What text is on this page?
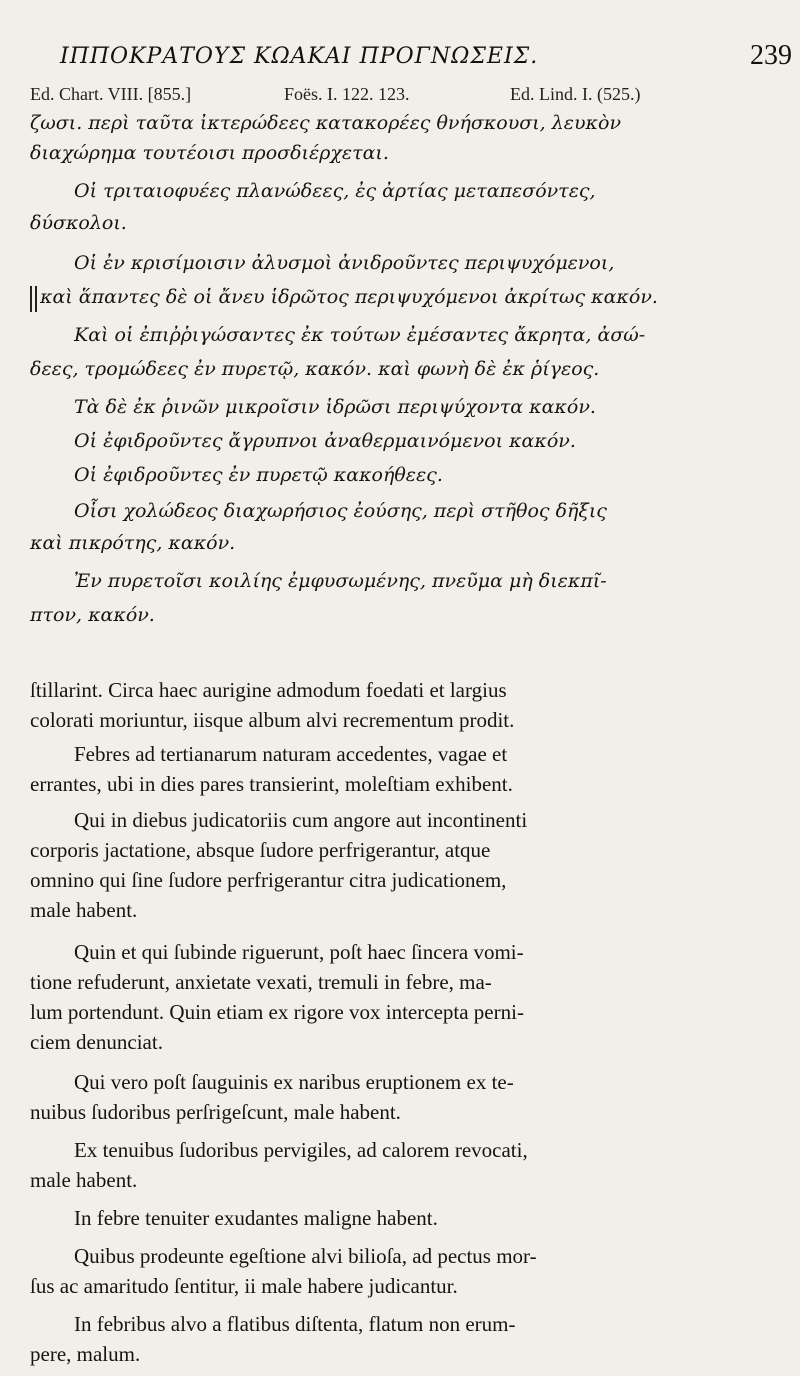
ΙΠΠΟΚΡΑΤΟΥΣ ΚΩΑΚΑΙ ΠΡΟΓΝΩΣΕΙΣ.	239
Ed. Chart. VIII. [855.]	Foës. I. 122. 123.	Ed. Lind. I. (525.)
ζωσι. περὶ ταῦτα ἰκτερώδεες κατακορέες θνήσκουσι, λευκὸν
διαχώρημα τουτέοισι προσδιέρχεται.
Οἱ τριταιοφυέες πλανώδεες, ἐς ἀρτίας μεταπεσόντες,
δύσκολοι.
Οἱ ἐν κρισίμοισιν ἀλυσμοὶ ἀνιδροῦντες περιψυχόμενοι,
καὶ ἅπαντες δὲ οἱ ἄνευ ἱδρῶτος περιψυχόμενοι ἀκρίτως κακόν.
Καὶ οἱ ἐπιῤῥιγώσαντες ἐκ τούτων ἐμέσαντες ἄκρητα, ἀσώ-
δεες, τρομώδεες ἐν πυρετῷ, κακόν. καὶ φωνὴ δὲ ἐκ ῥίγεος.
Τὰ δὲ ἐκ ῥινῶν μικροῖσιν ἱδρῶσι περιψύχοντα κακόν.
Οἱ ἐφιδροῦντες ἄγρυπνοι ἀναθερμαινόμενοι κακόν.
Οἱ ἐφιδροῦντες ἐν πυρετῷ κακοήθεες.
Οἷσι χολώδεος διαχωρήσιος ἐούσης, περὶ στῆθος δῆξις
καὶ πικρότης, κακόν.
Ἐν πυρετοῖσι κοιλίης ἐμφυσωμένης, πνεῦμα μὴ διεκπῖ-
πτον, κακόν.
ſtillarint. Circa haec aurigine admodum foedati et largius
colorati moriuntur, iisque album alvi recrementum prodit.
Febres ad tertianarum naturam accedentes, vagae et
errantes, ubi in dies pares transierint, moleſtiam exhibent.
Qui in diebus judicatoriis cum angore aut incontinenti
corporis jactatione, absque ſudore perfrigerantur, atque
omnino qui ſine ſudore perfrigerantur citra judicationem,
male habent.
Quin et qui ſubinde riguerunt, poſt haec ſincera vomi-
tione refuderunt, anxietate vexati, tremuli in febre, ma-
lum portendunt. Quin etiam ex rigore vox intercepta perni-
ciem denunciat.
Qui vero poſt ſauguinis ex naribus eruptionem ex te-
nuibus ſudoribus perſrigeſcunt, male habent.
Ex tenuibus ſudoribus pervigiles, ad calorem revocati,
male habent.
In febre tenuiter exudantes maligne habent.
Quibus prodeunte egeſtione alvi bilioſa, ad pectus mor-
ſus ac amaritudo ſentitur, ii male habere judicantur.
In febribus alvo a flatibus diſtenta, flatum non erum-
pere, malum.
